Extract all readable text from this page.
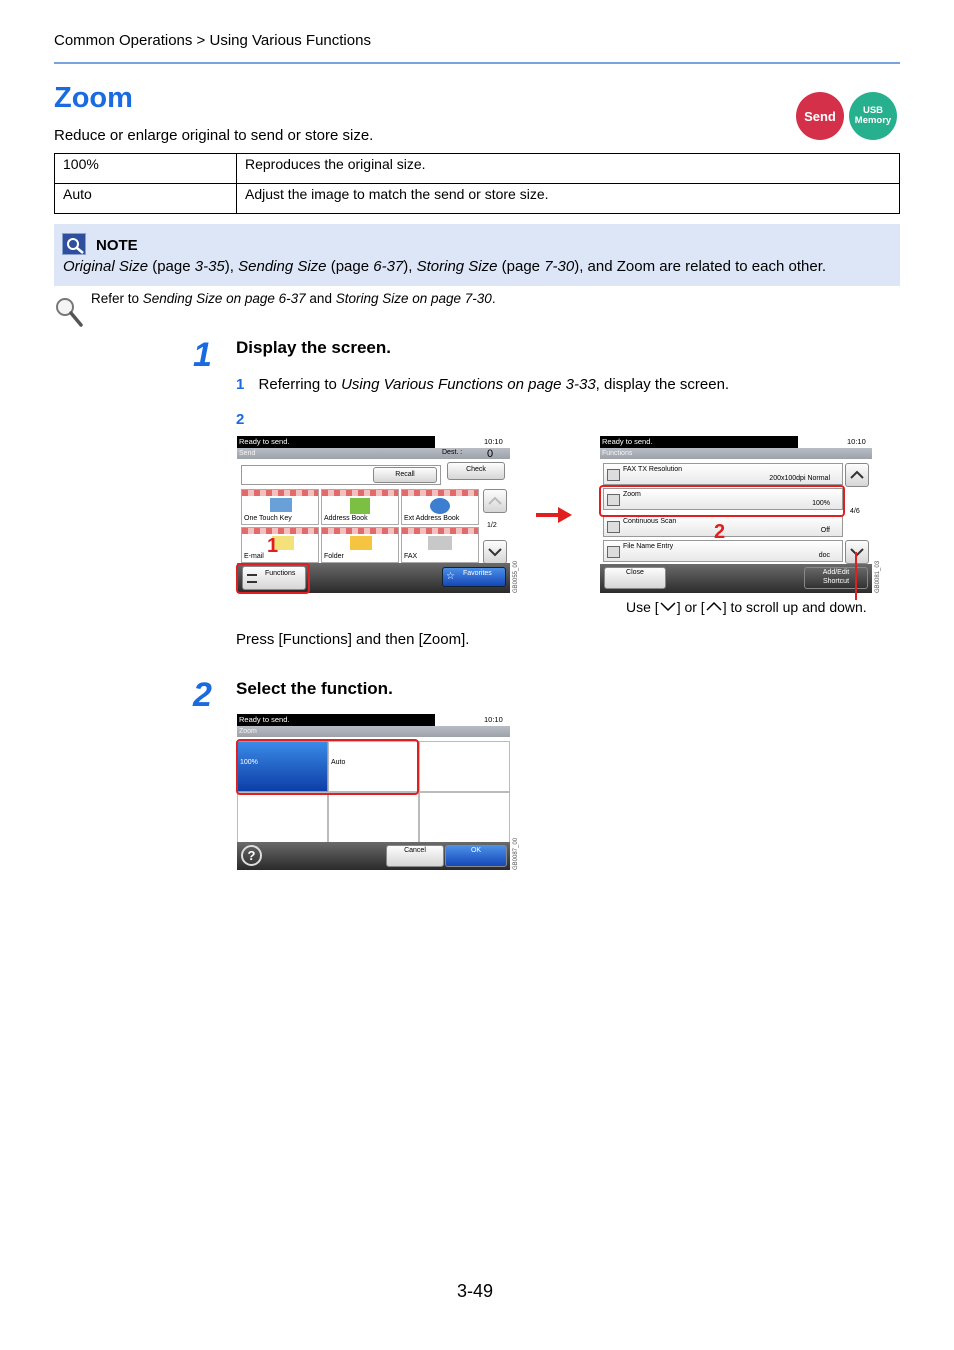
Common Operations > Using Various Functions
Zoom
Reduce or enlarge original to send or store size.
Send	USB
Memory
100%	Reproduces the original size.
Auto	Adjust the image to match the send or store size.
NOTE
Original Size (page 3-35), Sending Size (page 6-37), Storing Size (page 7-30), and Zoom are related to each other.
Refer to Sending Size on page 6-37 and Storing Size on page 7-30.
1 Display the screen.
1 Referring to Using Various Functions on page 3-33, display the screen.
2
Ready to send.	10:10
Send	Dest. : 0
Recall
Check
One Touch Key	Address Book	Ext Address Book
E-mail	Folder	FAX
1/2
Functions	☆ Favorites	GB0055_00
1
Ready to send.	10:10
Functions
FAX TX Resolution
200x100dpi Normal
Zoom
100%
Continuous Scan
Off
File Name Entry
doc
4/6
Close	Add/Edit
Shortcut	GB0081_03
2
Use [ ] or [ ] to scroll up and down.
Press [Functions] and then [Zoom].
2 Select the function.
Ready to send.	10:10
Zoom
100%	Auto
?	Cancel	OK	GB0087_00
3-49
